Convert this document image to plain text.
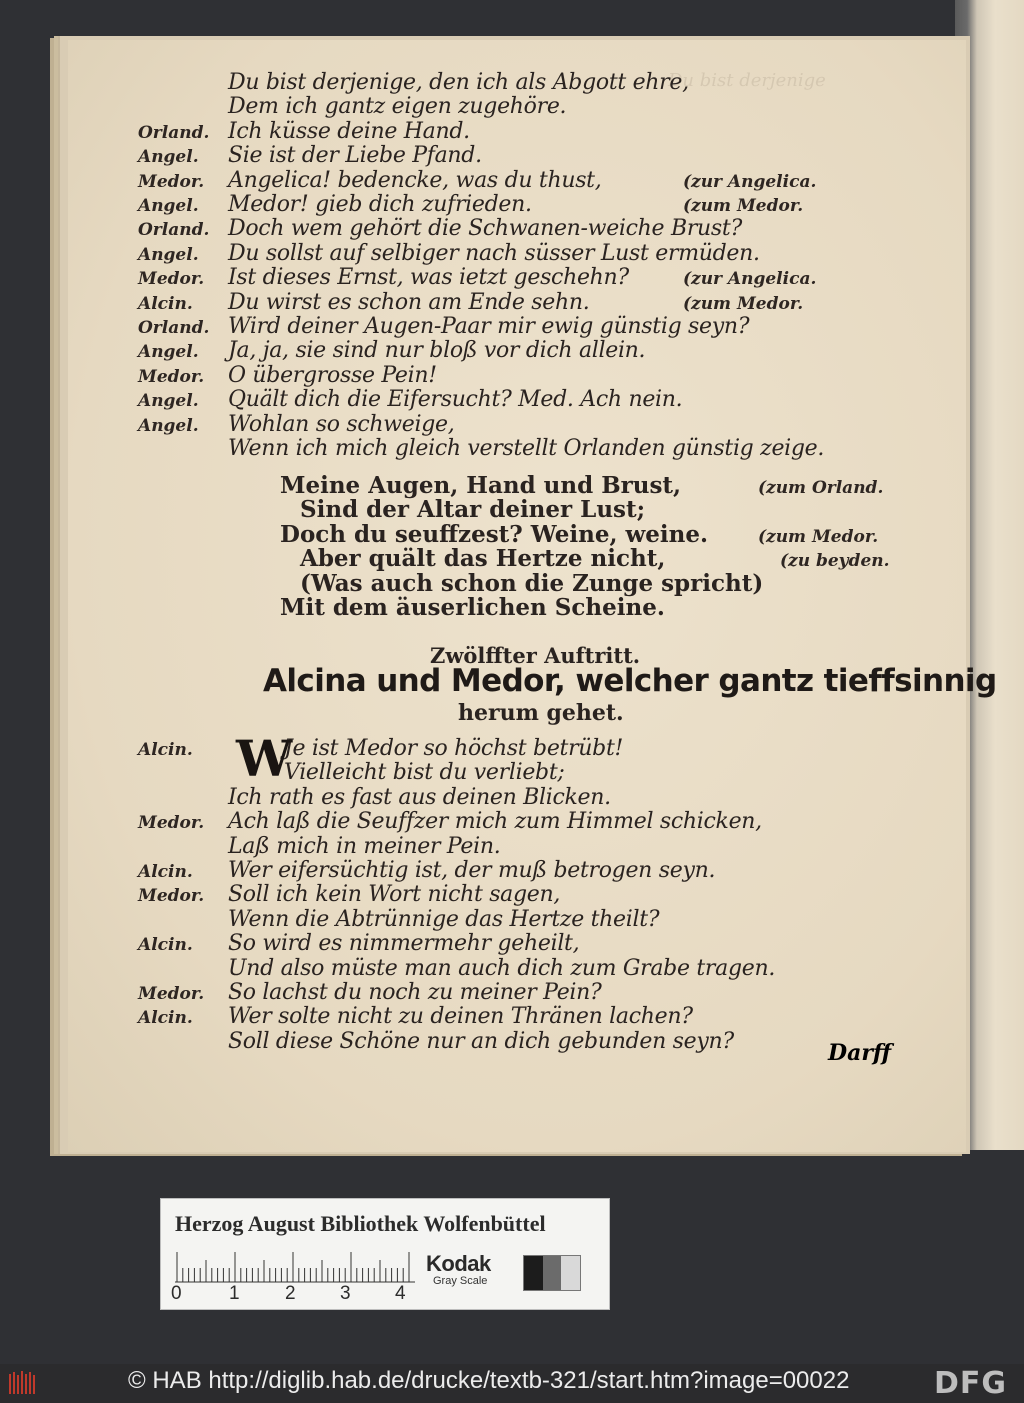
Du bist derjenige
Du bist derjenige, den ich als Abgott ehre,
Dem ich gantz eigen zugehöre.
Orland. Ich küsse deine Hand.
Angel. Sie ist der Liebe Pfand.
Medor. Angelica! bedencke, was du thust,	(zur Angelica.
Angel. Medor! gieb dich zufrieden.	(zum Medor.
Orland. Doch wem gehört die Schwanen-weiche Brust?
Angel. Du sollst auf selbiger nach süsser Lust ermüden.
Medor. Ist dieses Ernst, was ietzt geschehn?	(zur Angelica.
Alcin. Du wirst es schon am Ende sehn.	(zum Medor.
Orland. Wird deiner Augen-Paar mir ewig günstig seyn?
Angel. Ja, ja, sie sind nur bloß vor dich allein.
Medor. O übergrosse Pein!
Angel. Quält dich die Eifersucht? Med. Ach nein.
Angel. Wohlan so schweige,
Wenn ich mich gleich verstellt Orlanden günstig zeige.
Meine Augen, Hand und Brust,	(zum Orland.
Sind der Altar deiner Lust;
Doch du seuffzest? Weine, weine.	(zum Medor.
Aber quält das Hertze nicht,	(zu beyden.
(Was auch schon die Zunge spricht)
Mit dem äuserlichen Scheine.
Alcin.	Je ist Medor so höchst betrübt!
Vielleicht bist du verliebt;
Ich rath es fast aus deinen Blicken.
Medor. Ach laß die Seuffzer mich zum Himmel schicken,
Laß mich in meiner Pein.
Alcin. Wer eifersüchtig ist, der muß betrogen seyn.
Medor. Soll ich kein Wort nicht sagen,
Wenn die Abtrünnige das Hertze theilt?
Alcin. So wird es nimmermehr geheilt,
Und also müste man auch dich zum Grabe tragen.
Medor. So lachst du noch zu meiner Pein?
Alcin. Wer solte nicht zu deinen Thränen lachen?
Soll diese Schöne nur an dich gebunden seyn?
Zwölffter Auftritt.
Alcina und Medor, welcher gantz tieffsinnig
herum gehet.
W
Darff
Herzog August Bibliothek Wolfenbüttel
0 1 2 3 4
Kodak
Gray Scale
© HAB http://diglib.hab.de/drucke/textb-321/start.htm?image=00022	DFG
